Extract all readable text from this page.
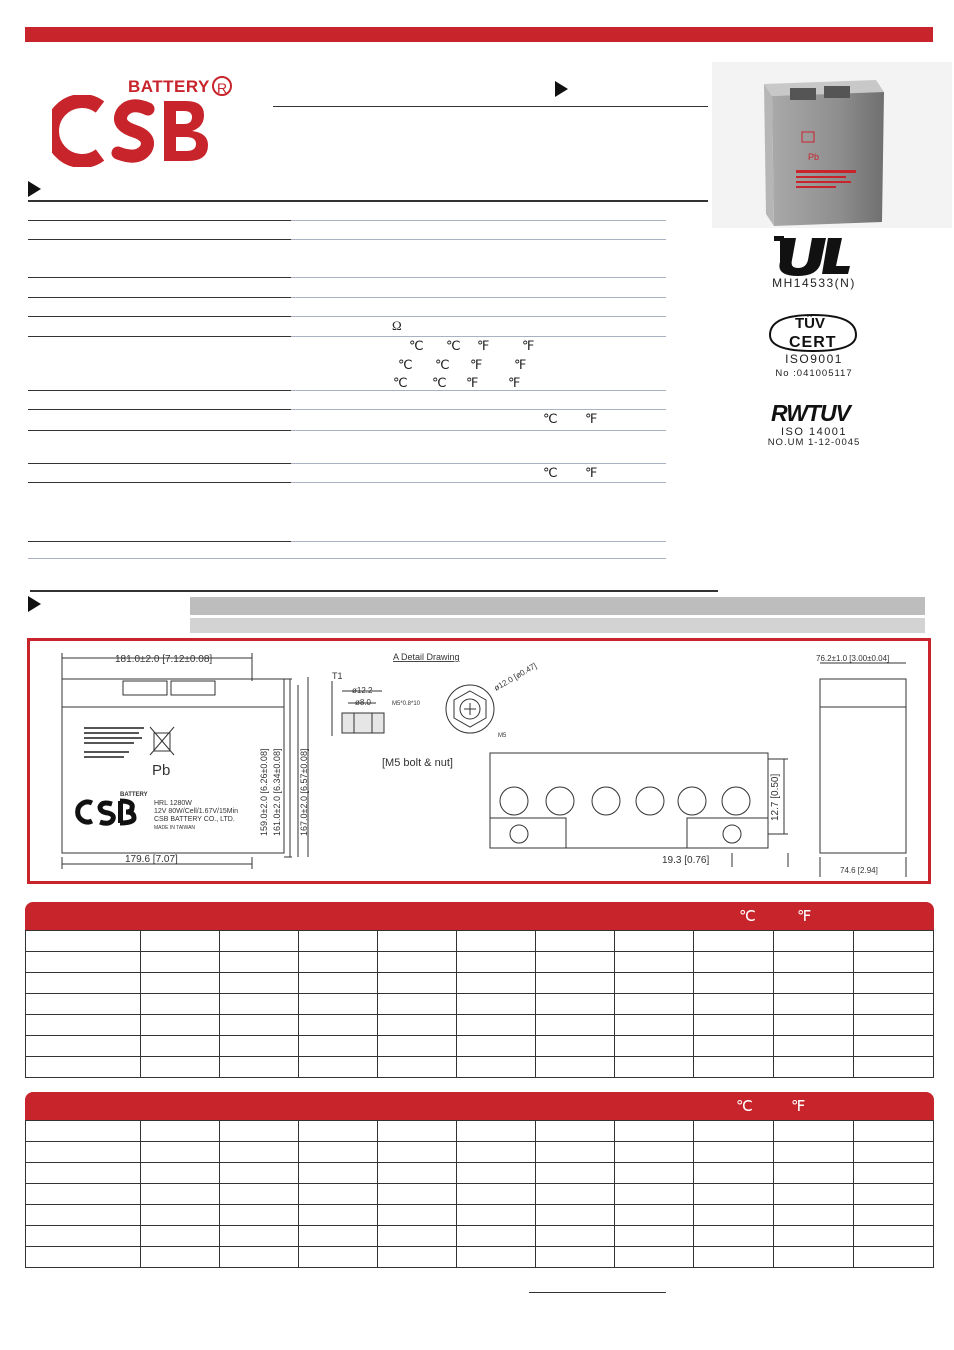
BATTERY R
Pb
MH14533(N)
TÜV
CERT
ISO9001
No :041005117
RWTUV
ISO 14001
NO.UM 1-12-0045
Ω
℃ ℃ ℉	℉
℃ ℃ ℉ ℉
℃ ℃ ℉ ℉
℃ ℉
℃ ℉
181.0±2.0 [7.12±0.08]
179.6 [7.07]
159.0±2.0 [6.26±0.08] 161.0±2.0 [6.34±0.08] 167.0±2.0 [6.57±0.08]
Pb
BATTERY
HRL 1280W
12V 80W/Cell/1.67V/15Min
CSB BATTERY CO., LTD.
MADE IN TAIWAN
T1
A Detail Drawing
ø12.2
ø8.0	M5*0.8*10
[M5 bolt & nut]
ø12.0 [ø0.47]
M5
12.7 [0.50]
19.3 [0.76]
76.2±1.0 [3.00±0.04]
74.6 [2.94]
℃	℉

℃	℉
